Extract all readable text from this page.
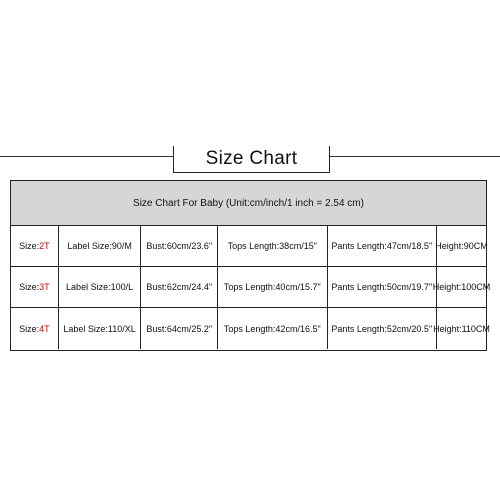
Size Chart
Size Chart For Baby (Unit:cm/inch/1 inch = 2.54 cm)
Size: 2T	Label Size:90/M	Bust:60cm/23.6"	Tops Length:38cm/15"	Pants Length:47cm/18.5" Height:90CM
Size: 3T	Label Size:100/L	Bust:62cm/24.4"	Tops Length:40cm/15.7"	Pants Length:50cm/19.7" Height:100CM
Size: 4T	Label Size:110/XL	Bust:64cm/25.2"	Tops Length:42cm/16.5"	Pants Length:52cm/20.5" Height:110CM
